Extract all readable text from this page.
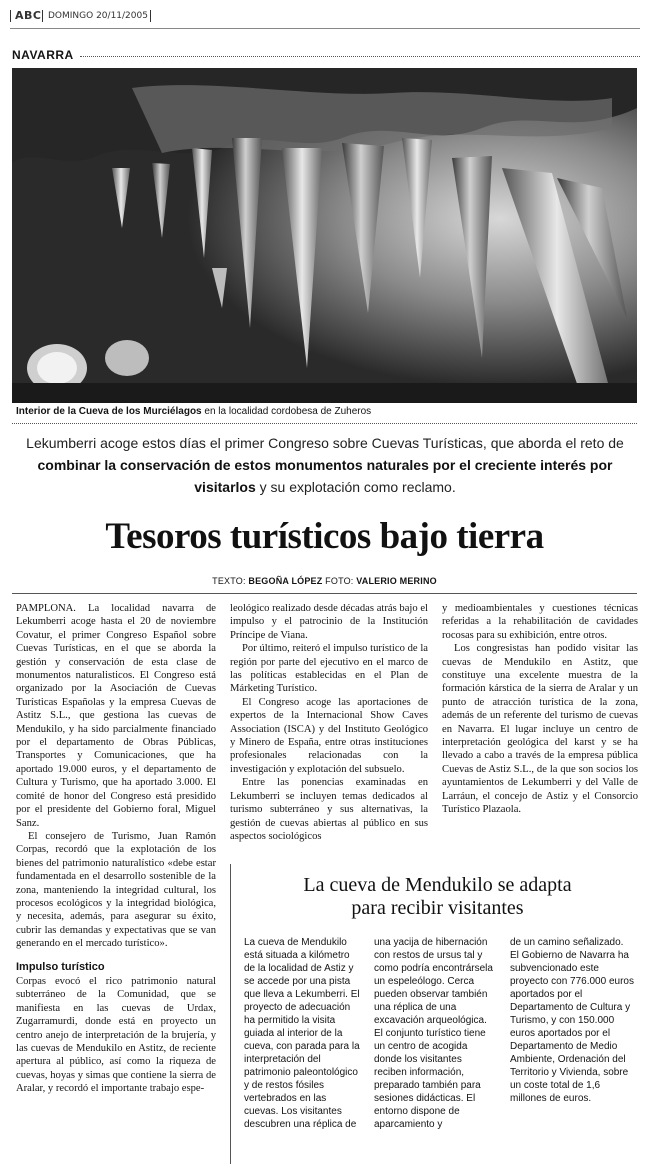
ABC DOMINGO 20/11/2005
NAVARRA
Interior de la Cueva de los Murciélagos en la localidad cordobesa de Zuheros
Lekumberri acoge estos días el primer Congreso sobre Cuevas Turísticas, que aborda el reto de combinar la conservación de estos monumentos naturales por el creciente interés por visitarlos y su explotación como reclamo.
Tesoros turísticos bajo tierra
TEXTO: BEGOÑA LÓPEZ FOTO: VALERIO MERINO

PAMPLONA. La localidad navarra de Lekumberri acoge hasta el 20 de noviembre Covatur, el primer Congreso Español sobre Cuevas Turísticas, en el que se aborda la gestión y conservación de esta clase de monumentos naturalisticos. El Congreso está organizado por la Asociación de Cuevas Turísticas Españolas y la empresa Cuevas de Astitz S.L., que gestiona las cuevas de Mendukilo, y ha sido parcialmente financiado por el departamento de Obras Públicas, Transportes y Comunicaciones, que ha aportado 19.000 euros, y el departamento de Cultura y Turismo, que ha aportado 3.000. El comité de honor del Congreso está presidido por el presidente del Gobierno foral, Miguel Sanz.

El consejero de Turismo, Juan Ramón Corpas, recordó que la explotación de los bienes del patrimonio naturalístico «debe estar fundamentada en el desarrollo sostenible de la zona, manteniendo la integridad cultural, los procesos ecológicos y la integridad biológica, y necesita, además, para asegurar su éxito, cubrir las demandas y expectativas que se van generando en el mercado turístico».

Impulso turístico

Corpas evocó el rico patrimonio natural subterráneo de la Comunidad, que se manifiesta en las cuevas de Urdax, Zugarramurdi, donde está en proyecto un centro anejo de interpretación de la brujería, y las cuevas de Mendukilo en Astitz, de reciente apertura al público, así como la riqueza de cuevas, hoyas y simas que contiene la sierra de Aralar, y recordó el importante trabajo espe-

leológico realizado desde décadas atrás bajo el impulso y el patrocinio de la Institución Príncipe de Viana.

Por último, reiteró el impulso turístico de la región por parte del ejecutivo en el marco de las políticas establecidas en el Plan de Márketing Turístico.

El Congreso acoge las aportaciones de expertos de la Internacional Show Caves Association (ISCA) y del Instituto Geológico y Minero de España, entre otras instituciones profesionales relacionadas con la investigación y explotación del subsuelo.

Entre las ponencias examinadas en Lekumberri se incluyen temas dedicados al turismo subterráneo y sus alternativas, la gestión de cuevas abiertas al público en sus aspectos sociológicos

y medioambientales y cuestiones técnicas referidas a la rehabilitación de cavidades rocosas para su exhibición, entre otros.

Los congresistas han podido visitar las cuevas de Mendukilo en Astitz, que constituye una excelente muestra de la formación kárstica de la sierra de Aralar y un punto de atracción turística de la zona, además de un referente del turismo de cuevas en Navarra. El lugar incluye un centro de interpretación geológica del karst y se ha llevado a cabo a través de la empresa pública Cuevas de Astiz S.L., de la que son socios los ayuntamientos de Lekumberri y del Valle de Larráun, el concejo de Astiz y el Consorcio Turístico Plazaola.

La cueva de Mendukilo se adapta
para recibir visitantes

La cueva de Mendukilo está situada a kilómetro de la localidad de Astiz y se accede por una pista que lleva a Lekumberri. El proyecto de adecuación ha permitido la visita guiada al interior de la cueva, con parada para la interpretación del patrimonio paleontológico y de restos fósiles vertebrados en las cuevas. Los visitantes descubren una réplica de

una yacija de hibernación con restos de ursus tal y como podría encontrársela un espeleólogo. Cerca pueden observar también una réplica de una excavación arqueológica. El conjunto turístico tiene un centro de acogida donde los visitantes reciben información, preparado también para sesiones didácticas. El entorno dispone de aparcamiento y

de un camino señalizado.

El Gobierno de Navarra ha subvencionado este proyecto con 776.000 euros aportados por el Departamento de Cultura y Turismo, y con 150.000 euros aportados por el Departamento de Medio Ambiente, Ordenación del Territorio y Vivienda, sobre un coste total de 1,6 millones de euros.
